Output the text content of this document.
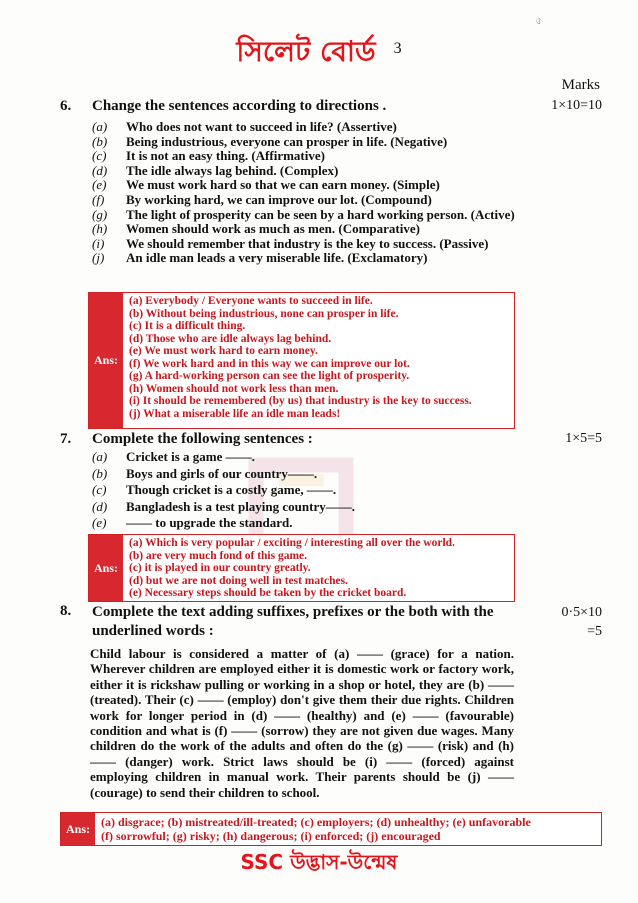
৫
সিলেট বোর্ড 3
Marks
6. Change the sentences according to directions .	1×10=10
(a) Who does not want to succeed in life? (Assertive)
(b) Being industrious, everyone can prosper in life. (Negative)
(c) It is not an easy thing. (Affirmative)
(d) The idle always lag behind. (Complex)
(e) We must work hard so that we can earn money. (Simple)
(f) By working hard, we can improve our lot. (Compound)
(g) The light of prosperity can be seen by a hard working person. (Active)
(h) Women should work as much as men. (Comparative)
(i) We should remember that industry is the key to success. (Passive)
(j) An idle man leads a very miserable life. (Exclamatory)
Ans:
(a) Everybody / Everyone wants to succeed in life.
(b) Without being industrious, none can prosper in life.
(c) It is a difficult thing.
(d) Those who are idle always lag behind.
(e) We must work hard to earn money.
(f) We work hard and in this way we can improve our lot.
(g) A hard-working person can see the light of prosperity.
(h) Women should not work less than men.
(i) It should be remembered (by us) that industry is the key to success.
(j) What a miserable life an idle man leads!
7. Complete the following sentences :	1×5=5
(a) Cricket is a game ——.
(b) Boys and girls of our country——.
(c) Though cricket is a costly game, ——.
(d) Bangladesh is a test playing country——.
(e) —— to upgrade the standard.
Ans:
(a) Which is very popular / exciting / interesting all over the world.
(b) are very much fond of this game.
(c) it is played in our country greatly.
(d) but we are not doing well in test matches.
(e) Necessary steps should be taken by the cricket board.
8. Complete the text adding suffixes, prefixes or the both with the
underlined words :
0·5×10
=5

Child labour is considered a matter of (a) —— (grace) for a nation. Wherever children are employed either it is domestic work or factory work, either it is rickshaw pulling or working in a shop or hotel, they are (b) —— (treated). Their (c) —— (employ) don't give them their due rights. Children work for longer period in (d) —— (healthy) and (e) —— (favourable) condition and what is (f) —— (sorrow) they are not given due wages. Many children do the work of the adults and often do the (g) —— (risk) and (h) —— (danger) work. Strict laws should be (i) —— (forced) against employing children in manual work. Their parents should be (j) —— (courage) to send their children to school.

Ans: (a) disgrace; (b) mistreated/ill-treated; (c) employers; (d) unhealthy; (e) unfavorable
(f) sorrowful; (g) risky; (h) dangerous; (i) enforced; (j) encouraged
SSC উদ্ভাস-উন্মেষ
